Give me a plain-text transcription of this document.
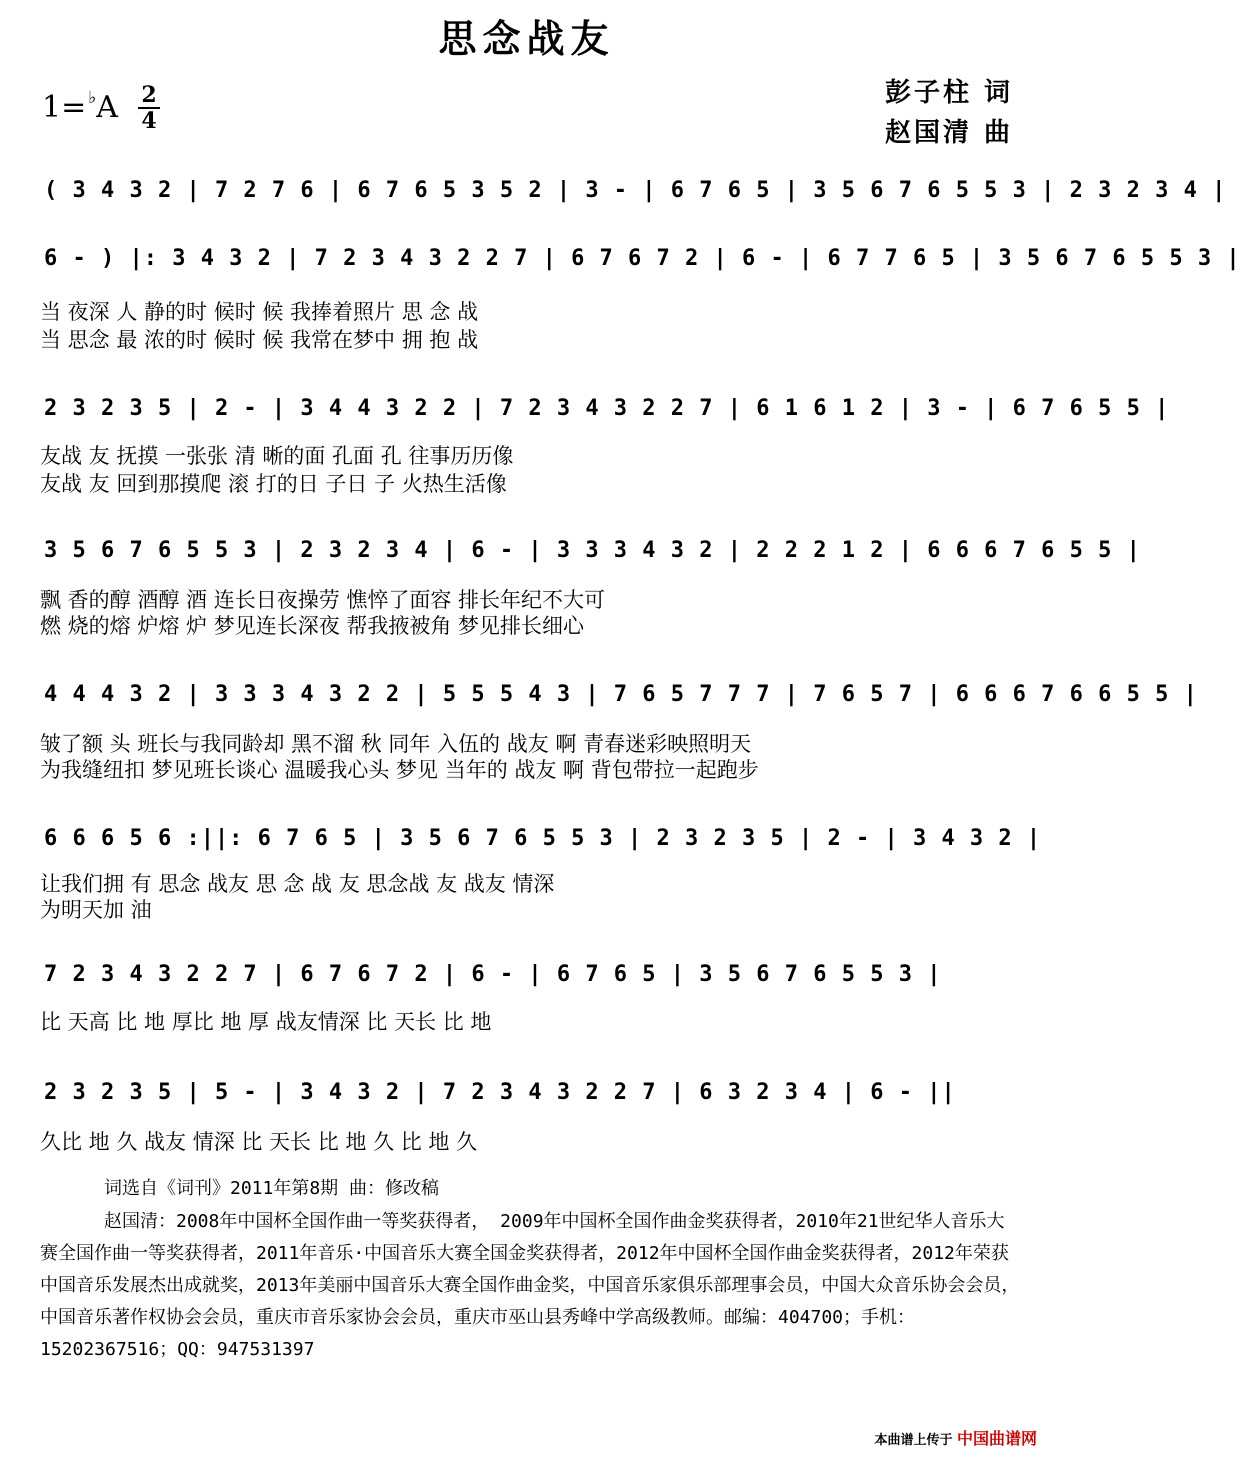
思念战友
1= ♭A 2
4
彭子柱 词
赵国清 曲
( 3 4 3 2 | 7 2 7 6 | 6 7 6 5 3 5 2 | 3 - | 6 7 6 5 | 3 5 6 7 6 5 5 3 | 2 3 2 3 4 |
6 - ) |: 3 4 3 2 | 7 2 3 4 3 2 2 7 | 6 7 6 7 2 | 6 - | 6 7 7 6 5 | 3 5 6 7 6 5 5 3 |
当 夜深 人 静的时 候时 候 我捧着照片 思 念 战
当 思念 最 浓的时 候时 候 我常在梦中 拥 抱 战
2 3 2 3 5 | 2 - | 3 4 4 3 2 2 | 7 2 3 4 3 2 2 7 | 6 1 6 1 2 | 3 - | 6 7 6 5 5 |
友战 友 抚摸 一张张 清 晰的面 孔面 孔 往事历历像
友战 友 回到那摸爬 滚 打的日 子日 子 火热生活像
3 5 6 7 6 5 5 3 | 2 3 2 3 4 | 6 - | 3 3 3 4 3 2 | 2 2 2 1 2 | 6 6 6 7 6 5 5 |
飘 香的醇 酒醇 酒 连长日夜操劳 憔悴了面容 排长年纪不大可
燃 烧的熔 炉熔 炉 梦见连长深夜 帮我掖被角 梦见排长细心
4 4 4 3 2 | 3 3 3 4 3 2 2 | 5 5 5 4 3 | 7 6 5 7 7 7 | 7 6 5 7 | 6 6 6 7 6 6 5 5 |
皱了额 头 班长与我同龄却 黑不溜 秋 同年 入伍的 战友 啊 青春迷彩映照明天
为我缝纽扣 梦见班长谈心 温暖我心头 梦见 当年的 战友 啊 背包带拉一起跑步
6 6 6 5 6 :||: 6 7 6 5 | 3 5 6 7 6 5 5 3 | 2 3 2 3 5 | 2 - | 3 4 3 2 |
让我们拥 有 思念 战友 思 念 战 友 思念战 友 战友 情深
为明天加 油
7 2 3 4 3 2 2 7 | 6 7 6 7 2 | 6 - | 6 7 6 5 | 3 5 6 7 6 5 5 3 |
比 天高 比 地 厚比 地 厚 战友情深 比 天长 比 地
2 3 2 3 5 | 5 - | 3 4 3 2 | 7 2 3 4 3 2 2 7 | 6 3 2 3 4 | 6 - ||
久比 地 久 战友 情深 比 天长 比 地 久 比 地 久
词选自《词刊》2011年第8期 曲：修改稿
赵国清：2008年中国杯全国作曲一等奖获得者， 2009年中国杯全国作曲金奖获得者，2010年21世纪华人音乐大赛全国作曲一等奖获得者，2011年音乐·中国音乐大赛全国金奖获得者，2012年中国杯全国作曲金奖获得者，2012年荣获中国音乐发展杰出成就奖，2013年美丽中国音乐大赛全国作曲金奖，中国音乐家俱乐部理事会员，中国大众音乐协会会员，中国音乐著作权协会会员，重庆市音乐家协会会员，重庆市巫山县秀峰中学高级教师。邮编：404700；手机：15202367516；QQ：947531397
本曲谱上传于 中国曲谱网
